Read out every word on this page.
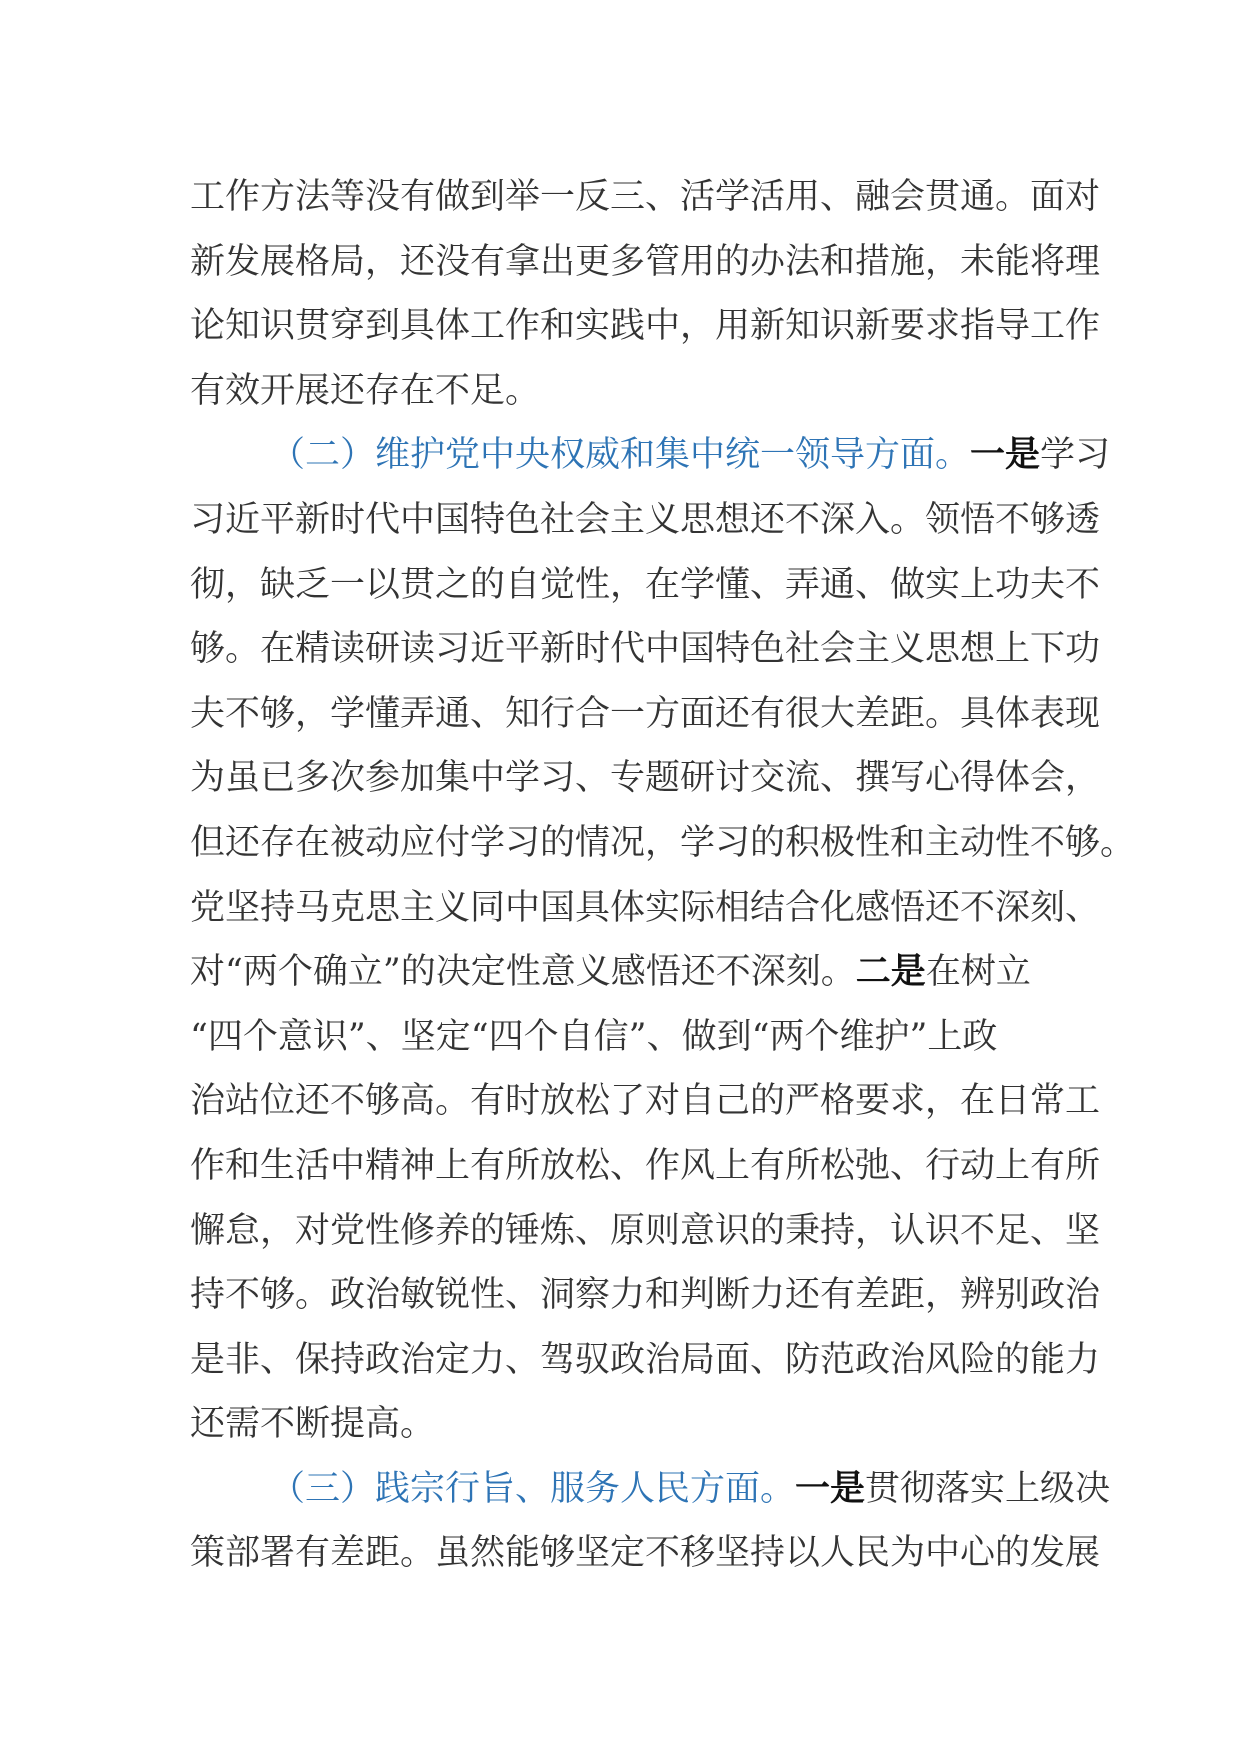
工作方法等没有做到举一反三、活学活用、融会贯通。面对
新发展格局，还没有拿出更多管用的办法和措施，未能将理
论知识贯穿到具体工作和实践中，用新知识新要求指导工作
有效开展还存在不足。
（二）维护党中央权威和集中统一领导方面。一是学习
习近平新时代中国特色社会主义思想还不深入。领悟不够透
彻，缺乏一以贯之的自觉性，在学懂、弄通、做实上功夫不
够。在精读研读习近平新时代中国特色社会主义思想上下功
夫不够，学懂弄通、知行合一方面还有很大差距。具体表现
为虽已多次参加集中学习、专题研讨交流、撰写心得体会，
但还存在被动应付学习的情况，学习的积极性和主动性不够。
党坚持马克思主义同中国具体实际相结合化感悟还不深刻、
对“两个确立”的决定性意义感悟还不深刻。二是在树立
“四个意识”、坚定“四个自信”、做到“两个维护”上政
治站位还不够高。有时放松了对自己的严格要求，在日常工
作和生活中精神上有所放松、作风上有所松弛、行动上有所
懈怠，对党性修养的锤炼、原则意识的秉持，认识不足、坚
持不够。政治敏锐性、洞察力和判断力还有差距，辨别政治
是非、保持政治定力、驾驭政治局面、防范政治风险的能力
还需不断提高。
（三）践宗行旨、服务人民方面。一是贯彻落实上级决
策部署有差距。虽然能够坚定不移坚持以人民为中心的发展
